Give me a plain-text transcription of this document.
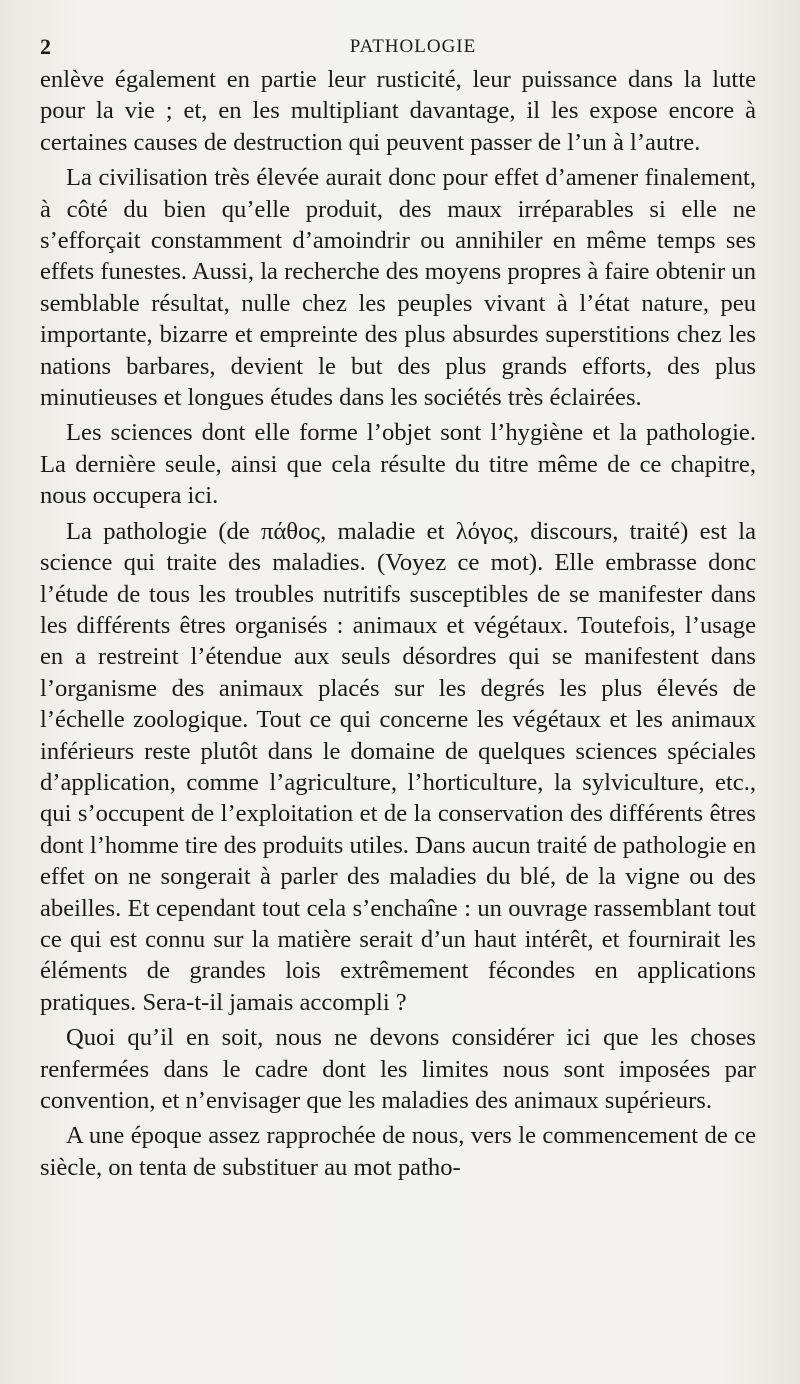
2	PATHOLOGIE

enlève également en partie leur rusticité, leur puissance dans la lutte pour la vie ; et, en les multipliant davantage, il les expose encore à certaines causes de destruction qui peuvent passer de l’un à l’autre.

La civilisation très élevée aurait donc pour effet d’amener finalement, à côté du bien qu’elle produit, des maux irréparables si elle ne s’efforçait constamment d’amoindrir ou annihiler en même temps ses effets funestes. Aussi, la recherche des moyens propres à faire obtenir un semblable résultat, nulle chez les peuples vivant à l’état nature, peu importante, bizarre et empreinte des plus absurdes superstitions chez les nations barbares, devient le but des plus grands efforts, des plus minutieuses et longues études dans les sociétés très éclairées.

Les sciences dont elle forme l’objet sont l’hygiène et la pathologie. La dernière seule, ainsi que cela résulte du titre même de ce chapitre, nous occupera ici.

La pathologie (de πάθος, maladie et λόγος, discours, traité) est la science qui traite des maladies. (Voyez ce mot). Elle embrasse donc l’étude de tous les troubles nutritifs susceptibles de se manifester dans les différents êtres organisés : animaux et végétaux. Toutefois, l’usage en a restreint l’étendue aux seuls désordres qui se manifestent dans l’organisme des animaux placés sur les degrés les plus élevés de l’échelle zoologique. Tout ce qui concerne les végétaux et les animaux inférieurs reste plutôt dans le domaine de quelques sciences spéciales d’application, comme l’agriculture, l’horticulture, la sylviculture, etc., qui s’occupent de l’exploitation et de la conservation des différents êtres dont l’homme tire des produits utiles. Dans aucun traité de pathologie en effet on ne songerait à parler des maladies du blé, de la vigne ou des abeilles. Et cependant tout cela s’enchaîne : un ouvrage rassemblant tout ce qui est connu sur la matière serait d’un haut intérêt, et fournirait les éléments de grandes lois extrêmement fécondes en applications pratiques. Sera-t-il jamais accompli ?

Quoi qu’il en soit, nous ne devons considérer ici que les choses renfermées dans le cadre dont les limites nous sont imposées par convention, et n’envisager que les maladies des animaux supérieurs.

A une époque assez rapprochée de nous, vers le commencement de ce siècle, on tenta de substituer au mot patho-
